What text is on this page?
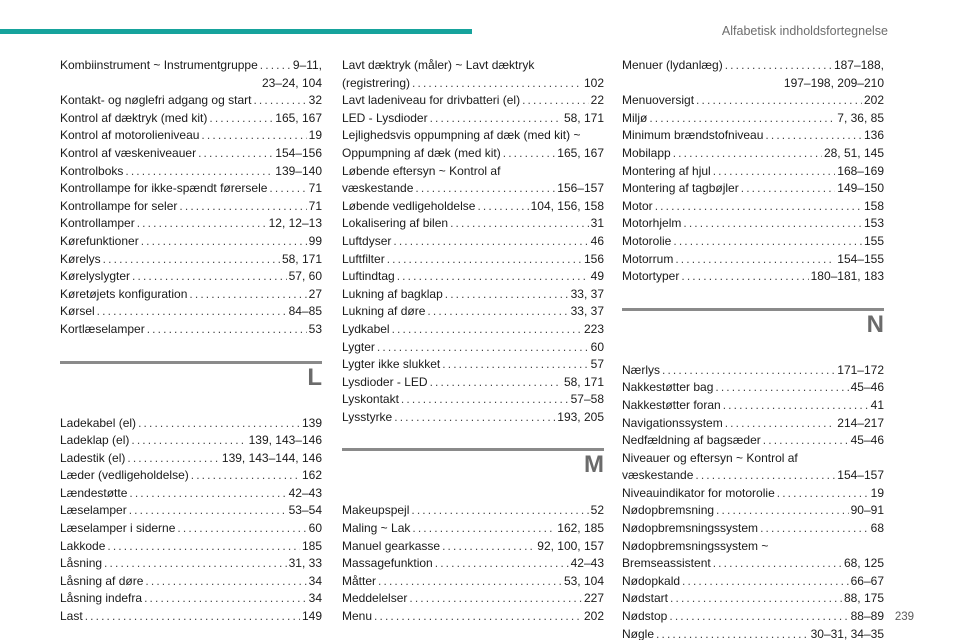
Alfabetisk indholdsfortegnelse
Kombiinstrument ~ Instrumentgruppe . . .	9–11,
23–24, 104
Kontakt- og nøglefri adgang og start . . .	32
Kontrol af dæktryk (med kit) . . .	165, 167
Kontrol af motorolieniveau . . .	19
Kontrol af væskeniveauer . . .	154–156
Kontrolboks . . .	139–140
Kontrollampe for ikke-spændt førersele . . .	71
Kontrollampe for seler . . .	71
Kontrollamper . . .	12, 12–13
Kørefunktioner . . .	99
Kørelys . . .	58, 171
Kørelyslygter . . .	57, 60
Køretøjets konfiguration . . .	27
Kørsel . . .	84–85
Kortlæselamper . . .	53
L
Ladekabel (el) . . .	139
Ladeklap (el) . . .	139, 143–146
Ladestik (el) . . .	139, 143–144, 146
Læder (vedligeholdelse) . . .	162
Lændestøtte . . .	42–43
Læselamper . . .	53–54
Læselamper i siderne . . .	60
Lakkode . . .	185
Låsning . . .	31, 33
Låsning af døre . . .	34
Låsning indefra . . .	34
Last . . .	149
Lavt dæktryk (måler) ~ Lavt dæktryk
(registrering) . . .	102
Lavt ladeniveau for drivbatteri (el) . . .	22
LED - Lysdioder . . .	58, 171
Lejlighedsvis oppumpning af dæk (med kit) ~
Oppumpning af dæk (med kit) . . .	165, 167
Løbende eftersyn ~ Kontrol af
væskestande . . .	156–157
Løbende vedligeholdelse . . .	104, 156, 158
Lokalisering af bilen . . .	31
Luftdyser . . .	46
Luftfilter . . .	156
Luftindtag . . .	49
Lukning af bagklap . . .	33, 37
Lukning af døre . . .	33, 37
Lydkabel . . .	223
Lygter . . .	60
Lygter ikke slukket . . .	57
Lysdioder - LED . . .	58, 171
Lyskontakt . . .	57–58
Lysstyrke . . .	193, 205
M
Makeupspejl . . .	52
Maling ~ Lak . . .	162, 185
Manuel gearkasse . . .	92, 100, 157
Massagefunktion . . .	42–43
Måtter . . .	53, 104
Meddelelser . . .	227
Menu . . .	202
Menuer (lydanlæg) . . .	187–188,
197–198, 209–210
Menuoversigt . . .	202
Miljø . . .	7, 36, 85
Minimum brændstofniveau . . .	136
Mobilapp . . .	28, 51, 145
Montering af hjul . . .	168–169
Montering af tagbøjler . . .	149–150
Motor . . .	158
Motorhjelm . . .	153
Motorolie . . .	155
Motorrum . . .	154–155
Motortyper . . .	180–181, 183
N
Nærlys . . .	171–172
Nakkestøtter bag . . .	45–46
Nakkestøtter foran . . .	41
Navigationssystem . . .	214–217
Nedfældning af bagsæder . . .	45–46
Niveauer og eftersyn ~ Kontrol af
væskestande . . .	154–157
Niveauindikator for motorolie . . .	19
Nødopbremsning . . .	90–91
Nødopbremsningssystem . . .	68
Nødopbremsningssystem ~
Bremseassistent . . .	68, 125
Nødopkald . . .	66–67
Nødstart . . .	88, 175
Nødstop . . .	88–89
Nøgle . . .	30–31, 34–35
239
